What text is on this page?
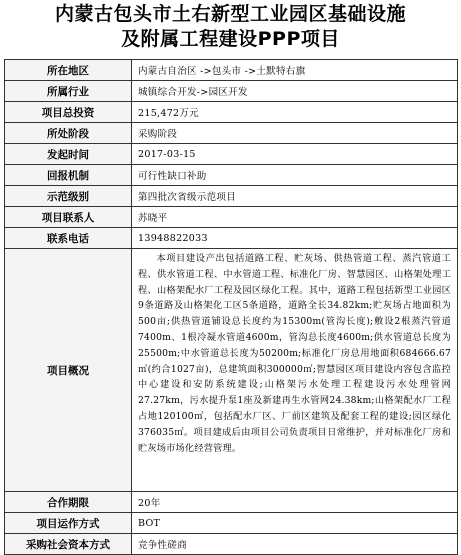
内蒙古包头市土右新型工业园区基础设施
及附属工程建设PPP项目
所在地区	内蒙古自治区 ->包头市 ->土默特右旗
所属行业	城镇综合开发->园区开发
项目总投资	215,472万元
所处阶段	采购阶段
发起时间	2017-03-15
回报机制	可行性缺口补助
示范级别	第四批次省级示范项目
项目联系人	苏晓平
联系电话	13948822033
项目概况	本项目建设产出包括道路工程、贮灰场、供热管道工程、蒸汽管道工程、供水管道工程、中水管道工程、标准化厂房、智慧园区、山格架处理工程、山格架配水厂工程及园区绿化工程。其中，道路工程包括新型工业园区9条道路及山格架化工区5条道路，道路全长34.82km;贮灰场占地面积为500亩;供热管道铺设总长度约为15300m(管沟长度);敷设2根蒸汽管道7400m、1根冷凝水管道4600m，管沟总长度4600m;供水管道总长度为25500m;中水管道总长度为50200m;标准化厂房总用地面积684666.67㎡(约合1027亩)，总建筑面积300000㎡;智慧园区项目建设内容包含监控中心建设和安防系统建设;山格架污水处理工程建设污水处理管网27.27km，污水提升泵1座及新建再生水管网24.38km;山格架配水厂工程占地120100㎡，包括配水厂区、厂前区建筑及配套工程的建设;园区绿化376035㎡。项目建成后由项目公司负责项目日常维护，并对标准化厂房和贮灰场市场化经营管理。
合作期限	20年
项目运作方式	BOT
采购社会资本方式	竞争性磋商
